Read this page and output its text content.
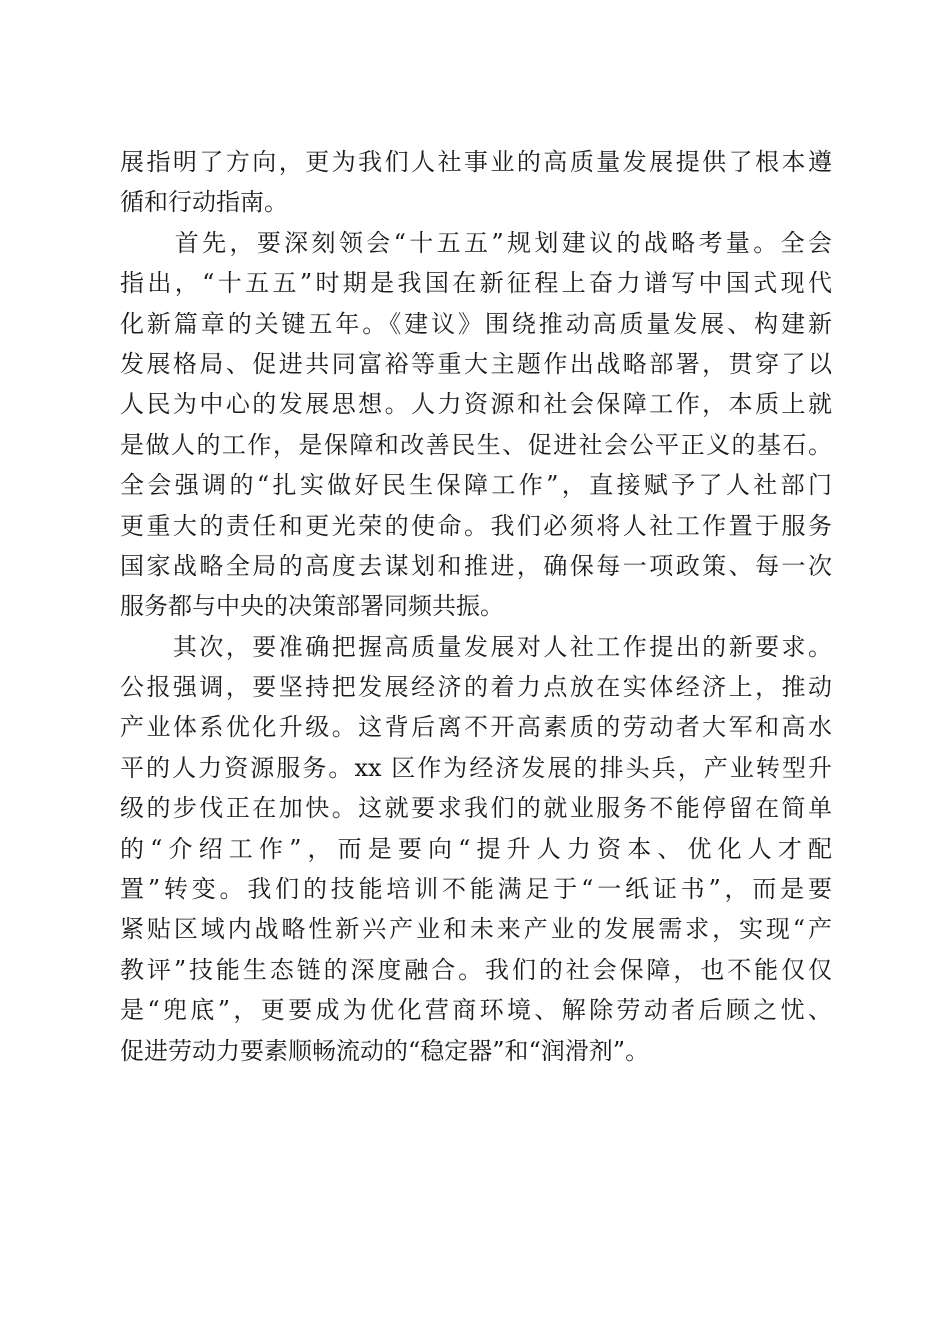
展指明了方向，更为我们人社事业的高质量发展提供了根本遵
循和行动指南。
　　首先，要深刻领会“十五五”规划建议的战略考量。全会
指出，“十五五”时期是我国在新征程上奋力谱写中国式现代
化新篇章的关键五年。《建议》围绕推动高质量发展、构建新
发展格局、促进共同富裕等重大主题作出战略部署，贯穿了以
人民为中心的发展思想。人力资源和社会保障工作，本质上就
是做人的工作，是保障和改善民生、促进社会公平正义的基石。
全会强调的“扎实做好民生保障工作”，直接赋予了人社部门
更重大的责任和更光荣的使命。我们必须将人社工作置于服务
国家战略全局的高度去谋划和推进，确保每一项政策、每一次
服务都与中央的决策部署同频共振。
　　其次，要准确把握高质量发展对人社工作提出的新要求。
公报强调，要坚持把发展经济的着力点放在实体经济上，推动
产业体系优化升级。这背后离不开高素质的劳动者大军和高水
平的人力资源服务。xx 区作为经济发展的排头兵，产业转型升
级的步伐正在加快。这就要求我们的就业服务不能停留在简单
的“介绍工作”，而是要向“提升人力资本、优化人才配
置”转变。我们的技能培训不能满足于“一纸证书”，而是要
紧贴区域内战略性新兴产业和未来产业的发展需求，实现“产
教评”技能生态链的深度融合。我们的社会保障，也不能仅仅
是“兜底”，更要成为优化营商环境、解除劳动者后顾之忧、
促进劳动力要素顺畅流动的“稳定器”和“润滑剂”。
